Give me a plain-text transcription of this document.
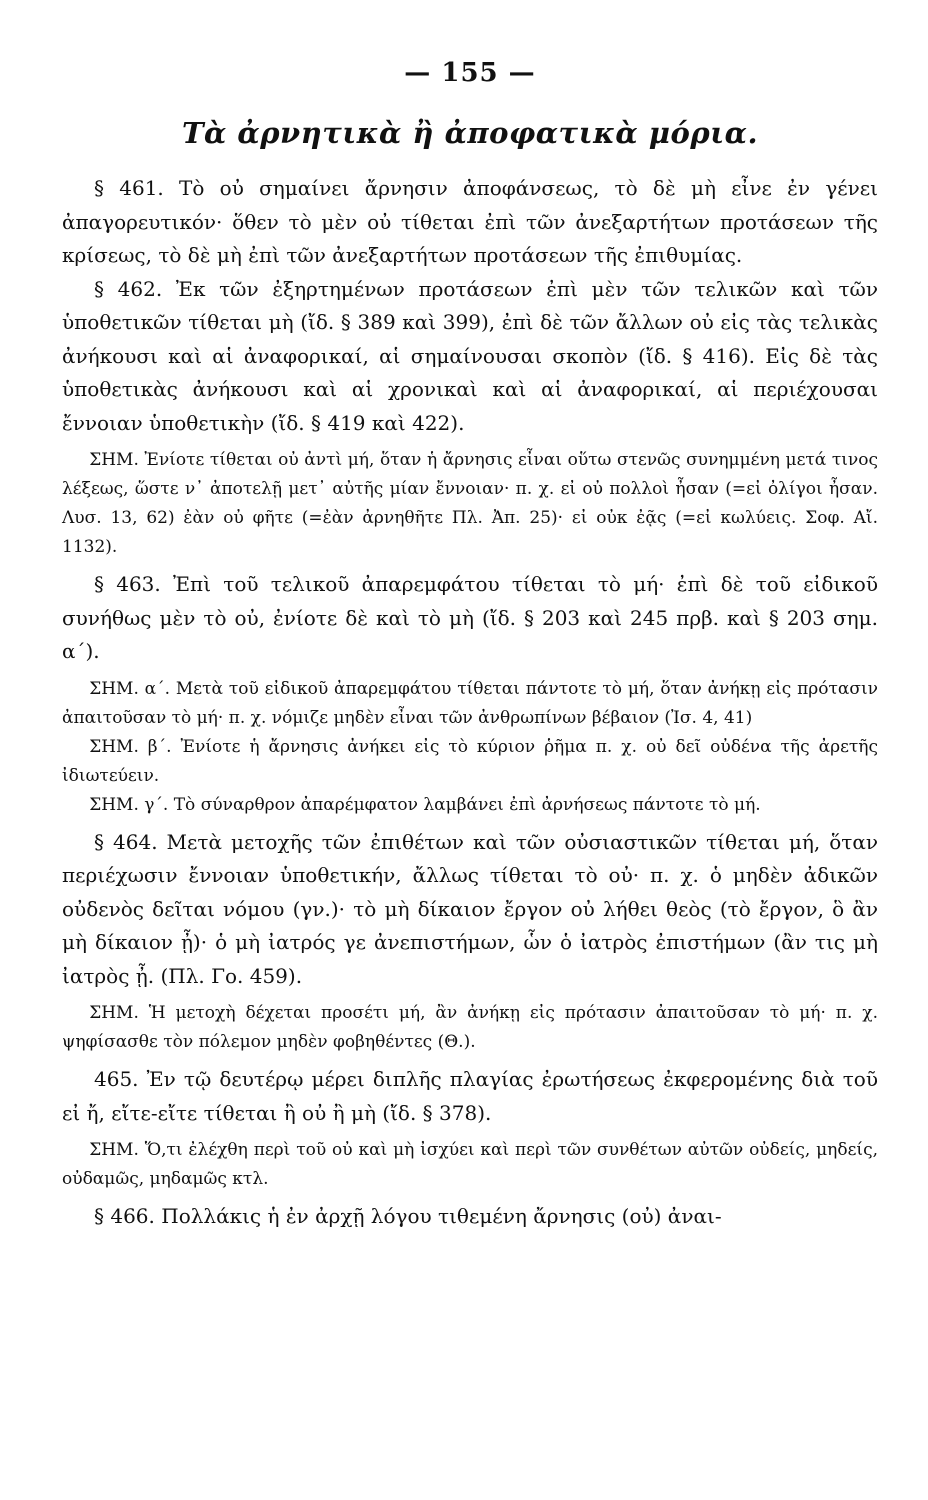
— 155 —
Τὰ ἀρνητικὰ ἢ ἀποφατικὰ μόρια.

§ 461. Τὸ οὐ σημαίνει ἄρνησιν ἀποφάνσεως, τὸ δὲ μὴ εἶνε ἐν γένει ἀπαγορευτικόν· ὅθεν τὸ μὲν οὐ τίθεται ἐπὶ τῶν ἀνεξαρτήτων προτάσεων τῆς κρίσεως, τὸ δὲ μὴ ἐπὶ τῶν ἀνεξαρτήτων προτάσεων τῆς ἐπιθυμίας.

§ 462. Ἐκ τῶν ἐξηρτημένων προτάσεων ἐπὶ μὲν τῶν τελικῶν καὶ τῶν ὑποθετικῶν τίθεται μὴ (ἴδ. § 389 καὶ 399), ἐπὶ δὲ τῶν ἄλλων οὐ εἰς τὰς τελικὰς ἀνήκουσι καὶ αἱ ἀναφορικαί, αἱ σημαίνουσαι σκοπὸν (ἴδ. § 416). Εἰς δὲ τὰς ὑποθετικὰς ἀνήκουσι καὶ αἱ χρονικαὶ καὶ αἱ ἀναφορικαί, αἱ περιέχουσαι ἔννοιαν ὑποθετικὴν (ἴδ. § 419 καὶ 422).

ΣΗΜ. Ἐνίοτε τίθεται οὐ ἀντὶ μή, ὅταν ἡ ἄρνησις εἶναι οὕτω στενῶς συνημμένη μετά τινος λέξεως, ὥστε ν᾽ ἀποτελῇ μετ᾽ αὐτῆς μίαν ἔννοιαν· π. χ. εἰ οὐ πολλοὶ ἦσαν (=εἰ ὀλίγοι ἦσαν. Λυσ. 13, 62) ἐὰν οὐ φῆτε (=ἐὰν ἀρνηθῆτε Πλ. Ἀπ. 25)· εἰ οὐκ ἐᾷς (=εἰ κωλύεις. Σοφ. Αἴ. 1132).

§ 463. Ἐπὶ τοῦ τελικοῦ ἀπαρεμφάτου τίθεται τὸ μή· ἐπὶ δὲ τοῦ εἰδικοῦ συνήθως μὲν τὸ οὐ, ἐνίοτε δὲ καὶ τὸ μὴ (ἴδ. § 203 καὶ 245 πρβ. καὶ § 203 σημ. α΄).

ΣΗΜ. α΄. Μετὰ τοῦ εἰδικοῦ ἀπαρεμφάτου τίθεται πάντοτε τὸ μή, ὅταν ἀνήκῃ εἰς πρότασιν ἀπαιτοῦσαν τὸ μή· π. χ. νόμιζε μηδὲν εἶναι τῶν ἀνθρωπίνων βέβαιον (Ἰσ. 4, 41)

ΣΗΜ. β΄. Ἐνίοτε ἡ ἄρνησις ἀνήκει εἰς τὸ κύριον ῥῆμα π. χ. οὐ δεῖ οὐδένα τῆς ἀρετῆς ἰδιωτεύειν.

ΣΗΜ. γ΄. Τὸ σύναρθρον ἀπαρέμφατον λαμβάνει ἐπὶ ἀρνήσεως πάντοτε τὸ μή.

§ 464. Μετὰ μετοχῆς τῶν ἐπιθέτων καὶ τῶν οὐσιαστικῶν τίθεται μή, ὅταν περιέχωσιν ἔννοιαν ὑποθετικήν, ἄλλως τίθεται τὸ οὐ· π. χ. ὁ μηδὲν ἀδικῶν οὐδενὸς δεῖται νόμου (γν.)· τὸ μὴ δίκαιον ἔργον οὐ λήθει θεὸς (τὸ ἔργον, ὃ ἂν μὴ δίκαιον ᾖ)· ὁ μὴ ἰατρός γε ἀνεπιστήμων, ὧν ὁ ἰατρὸς ἐπιστήμων (ἂν τις μὴ ἰατρὸς ᾖ. (Πλ. Γο. 459).

ΣΗΜ. Ἡ μετοχὴ δέχεται προσέτι μή, ἂν ἀνήκῃ εἰς πρότασιν ἀπαιτοῦσαν τὸ μή· π. χ. ψηφίσασθε τὸν πόλεμον μηδὲν φοβηθέντες (Θ.).

465. Ἐν τῷ δευτέρῳ μέρει διπλῆς πλαγίας ἐρωτήσεως ἐκφερομένης διὰ τοῦ εἰ ἤ, εἴτε-εἴτε τίθεται ἢ οὐ ἢ μὴ (ἴδ. § 378).

ΣΗΜ. Ὅ,τι ἐλέχθη περὶ τοῦ οὐ καὶ μὴ ἰσχύει καὶ περὶ τῶν συνθέτων αὐτῶν οὐδείς, μηδείς, οὐδαμῶς, μηδαμῶς κτλ.

§ 466. Πολλάκις ἡ ἐν ἀρχῇ λόγου τιθεμένη ἄρνησις (οὐ) ἀναι-
